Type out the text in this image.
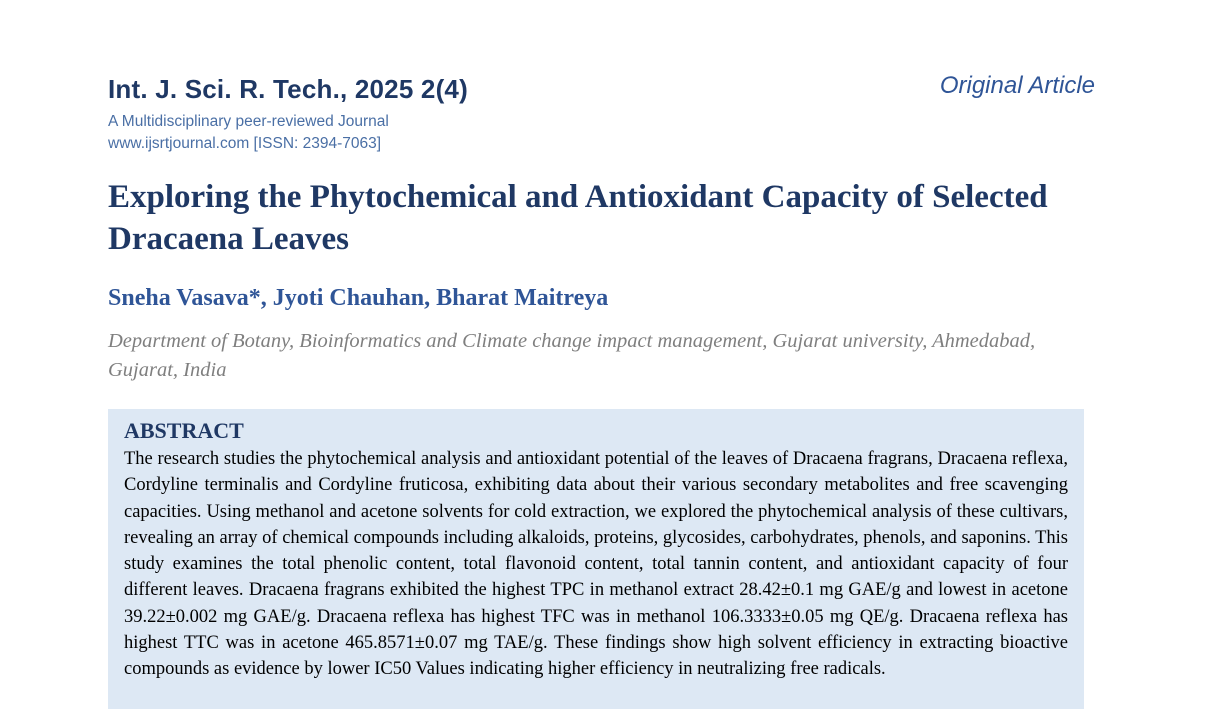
Int. J. Sci. R. Tech., 2025 2(4)	Original Article
A Multidisciplinary peer-reviewed Journal
www.ijsrtjournal.com [ISSN: 2394-7063]
Exploring the Phytochemical and Antioxidant Capacity of Selected Dracaena Leaves
Sneha Vasava*, Jyoti Chauhan, Bharat Maitreya
Department of Botany, Bioinformatics and Climate change impact management, Gujarat university, Ahmedabad, Gujarat, India
ABSTRACT

The research studies the phytochemical analysis and antioxidant potential of the leaves of Dracaena fragrans, Dracaena reflexa, Cordyline terminalis and Cordyline fruticosa, exhibiting data about their various secondary metabolites and free scavenging capacities. Using methanol and acetone solvents for cold extraction, we explored the phytochemical analysis of these cultivars, revealing an array of chemical compounds including alkaloids, proteins, glycosides, carbohydrates, phenols, and saponins. This study examines the total phenolic content, total flavonoid content, total tannin content, and antioxidant capacity of four different leaves. Dracaena fragrans exhibited the highest TPC in methanol extract 28.42±0.1 mg GAE/g and lowest in acetone 39.22±0.002 mg GAE/g. Dracaena reflexa has highest TFC was in methanol 106.3333±0.05 mg QE/g. Dracaena reflexa has highest TTC was in acetone 465.8571±0.07 mg TAE/g. These findings show high solvent efficiency in extracting bioactive compounds as evidence by lower IC50 Values indicating higher efficiency in neutralizing free radicals.
